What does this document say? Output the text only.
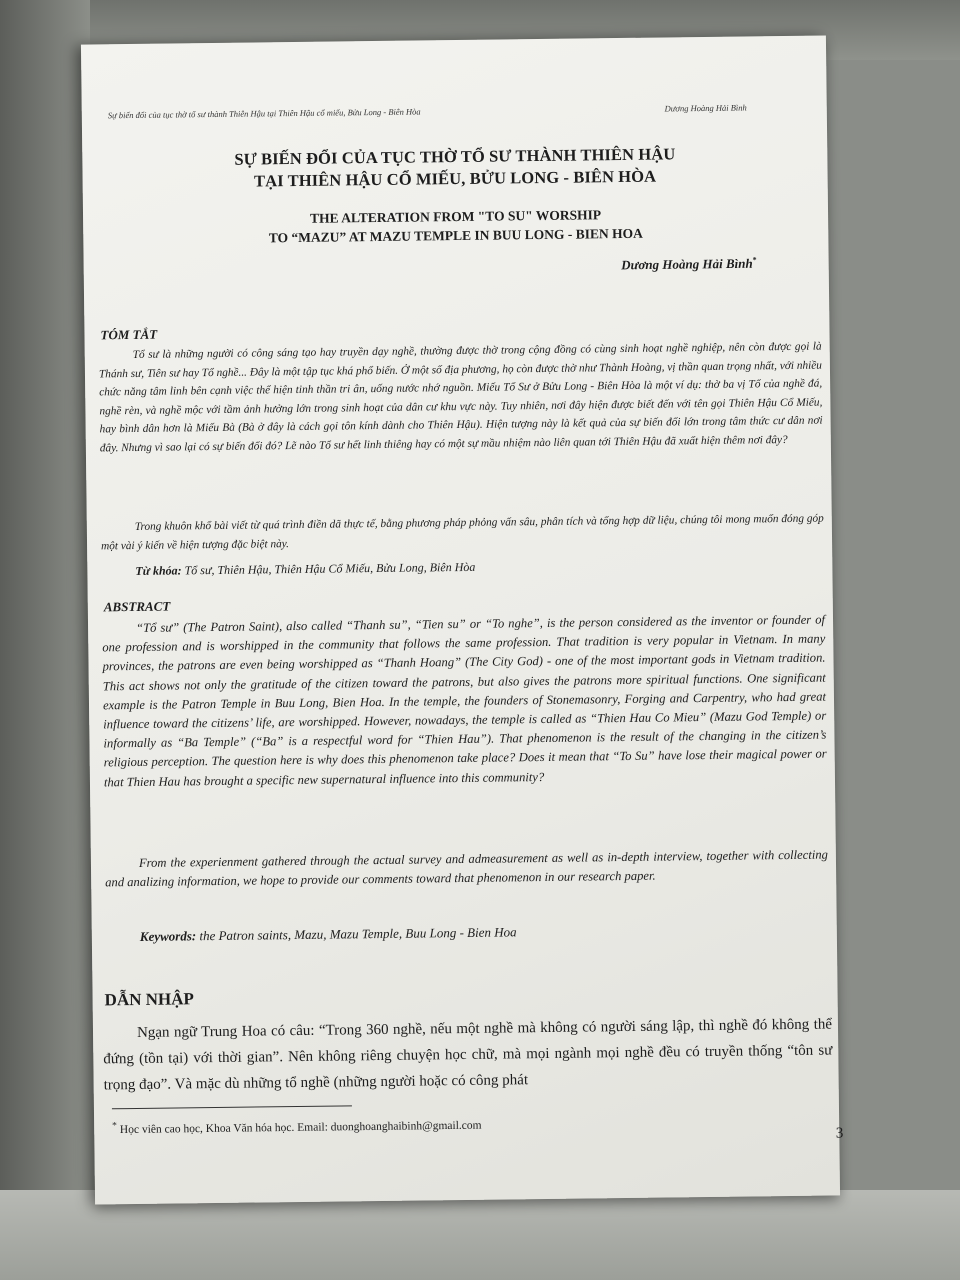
Sự biến đổi của tục thờ tổ sư thành Thiên Hậu tại Thiên Hậu cổ miếu, Bửu Long - Biên Hòa	Dương Hoàng Hải Bình
SỰ BIẾN ĐỔI CỦA TỤC THỜ TỔ SƯ THÀNH THIÊN HẬU
TẠI THIÊN HẬU CỔ MIẾU, BỬU LONG - BIÊN HÒA
THE ALTERATION FROM "TO SU" WORSHIP
TO “MAZU” AT MAZU TEMPLE IN BUU LONG - BIEN HOA
Dương Hoàng Hải Bình*
TÓM TẮT
Tổ sư là những người có công sáng tạo hay truyền dạy nghề, thường được thờ trong cộng đồng có cùng sinh hoạt nghề nghiệp, nên còn được gọi là Thánh sư, Tiên sư hay Tổ nghề... Đây là một tập tục khá phổ biến. Ở một số địa phương, họ còn được thờ như Thành Hoàng, vị thần quan trọng nhất, với nhiều chức năng tâm linh bên cạnh việc thể hiện tinh thần tri ân, uống nước nhớ nguồn. Miếu Tổ Sư ở Bửu Long - Biên Hòa là một ví dụ: thờ ba vị Tổ của nghề đá, nghề rèn, và nghề mộc với tầm ảnh hưởng lớn trong sinh hoạt của dân cư khu vực này. Tuy nhiên, nơi đây hiện được biết đến với tên gọi Thiên Hậu Cổ Miếu, hay bình dân hơn là Miếu Bà (Bà ở đây là cách gọi tôn kính dành cho Thiên Hậu). Hiện tượng này là kết quả của sự biến đổi lớn trong tâm thức cư dân nơi đây. Nhưng vì sao lại có sự biến đổi đó? Lẽ nào Tổ sư hết linh thiêng hay có một sự mầu nhiệm nào liên quan tới Thiên Hậu đã xuất hiện thêm nơi đây?
Trong khuôn khổ bài viết từ quá trình điền dã thực tế, bằng phương pháp phỏng vấn sâu, phân tích và tổng hợp dữ liệu, chúng tôi mong muốn đóng góp một vài ý kiến về hiện tượng đặc biệt này.
Từ khóa: Tổ sư, Thiên Hậu, Thiên Hậu Cổ Miếu, Bửu Long, Biên Hòa
ABSTRACT
“Tổ sư” (The Patron Saint), also called “Thanh su”, “Tien su” or “To nghe”, is the person considered as the inventor or founder of one profession and is worshipped in the community that follows the same profession. That tradition is very popular in Vietnam. In many provinces, the patrons are even being worshipped as “Thanh Hoang” (The City God) - one of the most important gods in Vietnam tradition. This act shows not only the gratitude of the citizen toward the patrons, but also gives the patrons more spiritual functions. One significant example is the Patron Temple in Buu Long, Bien Hoa. In the temple, the founders of Stonemasonry, Forging and Carpentry, who had great influence toward the citizens’ life, are worshipped. However, nowadays, the temple is called as “Thien Hau Co Mieu” (Mazu God Temple) or informally as “Ba Temple” (“Ba” is a respectful word for “Thien Hau”). That phenomenon is the result of the changing in the citizen’s religious perception. The question here is why does this phenomenon take place? Does it mean that “To Su” have lose their magical power or that Thien Hau has brought a specific new supernatural influence into this community?
From the experienment gathered through the actual survey and admeasurement as well as in-depth interview, together with collecting and analizing information, we hope to provide our comments toward that phenomenon in our research paper.
Keywords: the Patron saints, Mazu, Mazu Temple, Buu Long - Bien Hoa
DẪN NHẬP
Ngạn ngữ Trung Hoa có câu: “Trong 360 nghề, nếu một nghề mà không có người sáng lập, thì nghề đó không thể đứng (tồn tại) với thời gian”. Nên không riêng chuyện học chữ, mà mọi ngành mọi nghề đều có truyền thống “tôn sư trọng đạo”. Và mặc dù những tổ nghề (những người hoặc có công phát
* Học viên cao học, Khoa Văn hóa học. Email: duonghoanghaibinh@gmail.com	3
